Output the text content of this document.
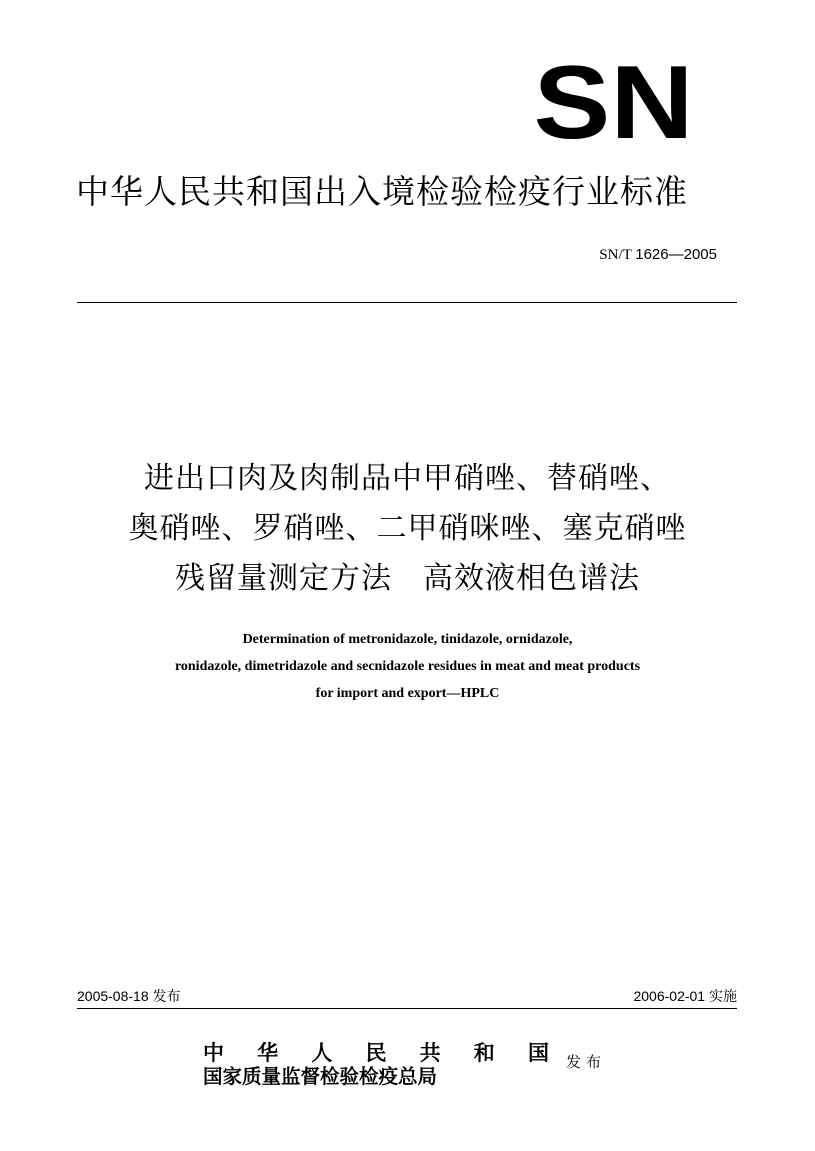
SN
中华人民共和国出入境检验检疫行业标准
SN/T 1626—2005
进出口肉及肉制品中甲硝唑、替硝唑、
奥硝唑、罗硝唑、二甲硝咪唑、塞克硝唑
残留量测定方法　高效液相色谱法
Determination of metronidazole, tinidazole, ornidazole,
ronidazole, dimetridazole and secnidazole residues in meat and meat products
for import and export—HPLC
2005-08-18 发布	2006-02-01 实施
中 华 人 民 共 和 国
国家质量监督检验检疫总局
发布
